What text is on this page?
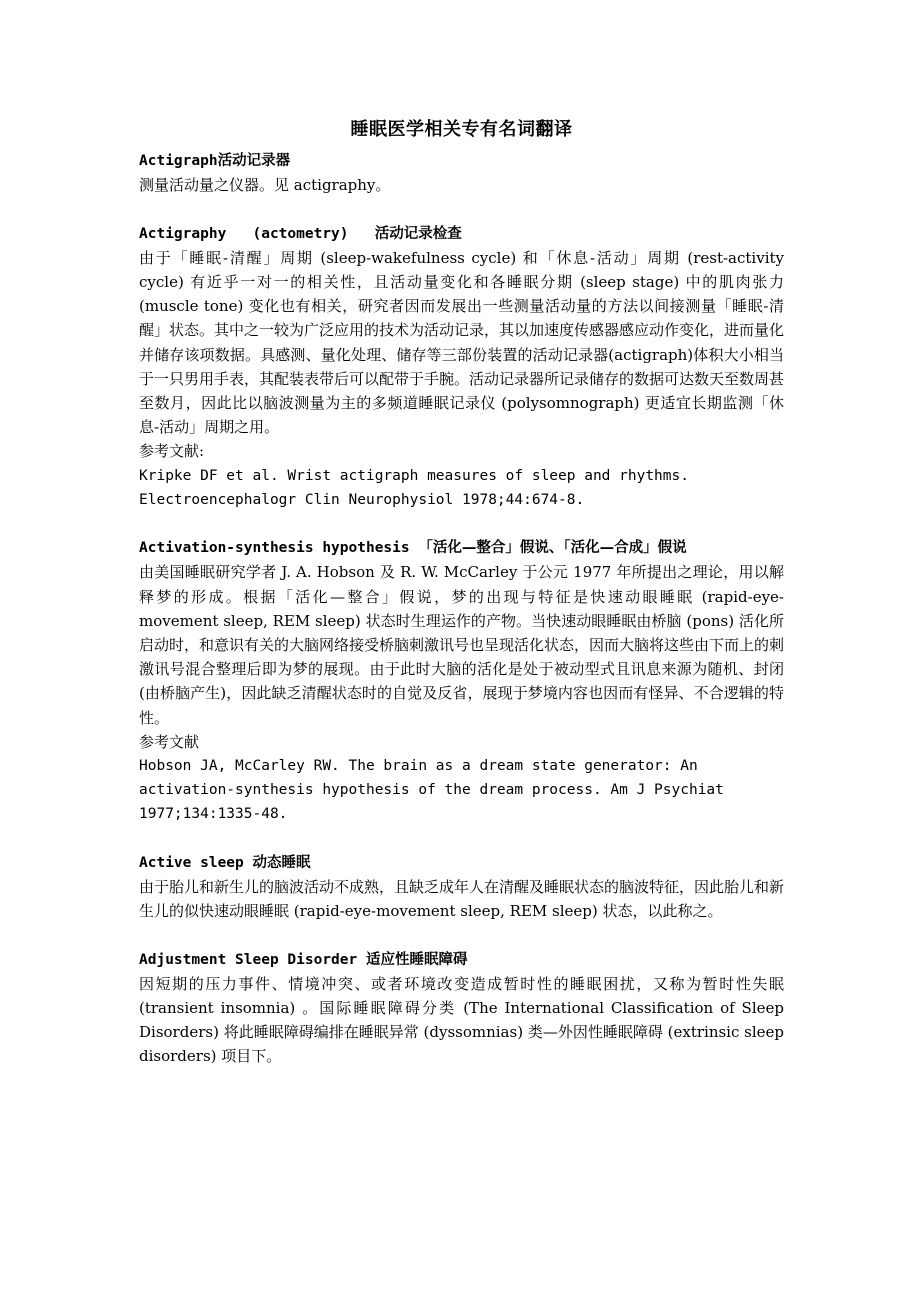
睡眠医学相关专有名词翻译

Actigraph活动记录器

测量活动量之仪器。见 actigraphy。

Actigraphy   (actometry)   活动记录检查

由于「睡眠-清醒」周期 (sleep-wakefulness cycle) 和「休息-活动」周期 (rest-activity cycle) 有近乎一对一的相关性，且活动量变化和各睡眠分期 (sleep stage) 中的肌肉张力 (muscle tone) 变化也有相关，研究者因而发展出一些测量活动量的方法以间接测量「睡眠-清醒」状态。其中之一较为广泛应用的技术为活动记录，其以加速度传感器感应动作变化，进而量化并储存该项数据。具感测、量化处理、储存等三部份装置的活动记录器(actigraph)体积大小相当于一只男用手表，其配装表带后可以配带于手腕。活动记录器所记录储存的数据可达数天至数周甚至数月，因此比以脑波测量为主的多频道睡眠记录仪 (polysomnograph) 更适宜长期监测「休息-活动」周期之用。

参考文献:

Kripke DF et al. Wrist actigraph measures of sleep and rhythms. Electroencephalogr Clin Neurophysiol 1978;44:674-8.

Activation-synthesis hypothesis 「活化—整合」假说、「活化—合成」假说

由美国睡眠研究学者 J. A. Hobson 及 R. W. McCarley 于公元 1977 年所提出之理论，用以解释梦的形成。根据「活化—整合」假说，梦的出现与特征是快速动眼睡眠 (rapid-eye-movement sleep, REM sleep) 状态时生理运作的产物。当快速动眼睡眠由桥脑 (pons) 活化所启动时，和意识有关的大脑网络接受桥脑刺激讯号也呈现活化状态，因而大脑将这些由下而上的刺激讯号混合整理后即为梦的展现。由于此时大脑的活化是处于被动型式且讯息来源为随机、封闭 (由桥脑产生)，因此缺乏清醒状态时的自觉及反省，展现于梦境内容也因而有怪异、不合逻辑的特性。

参考文献

Hobson JA, McCarley RW. The brain as a dream state generator: An activation-synthesis hypothesis of the dream process. Am J Psychiat 1977;134:1335-48.

Active sleep 动态睡眠

由于胎儿和新生儿的脑波活动不成熟，且缺乏成年人在清醒及睡眠状态的脑波特征，因此胎儿和新生儿的似快速动眼睡眠 (rapid-eye-movement sleep, REM sleep) 状态，以此称之。

Adjustment Sleep Disorder 适应性睡眠障碍

因短期的压力事件、情境冲突、或者环境改变造成暂时性的睡眠困扰，又称为暂时性失眠 (transient insomnia) 。国际睡眠障碍分类 (The International Classification of Sleep Disorders) 将此睡眠障碍编排在睡眠异常 (dyssomnias) 类—外因性睡眠障碍 (extrinsic sleep disorders) 项目下。
